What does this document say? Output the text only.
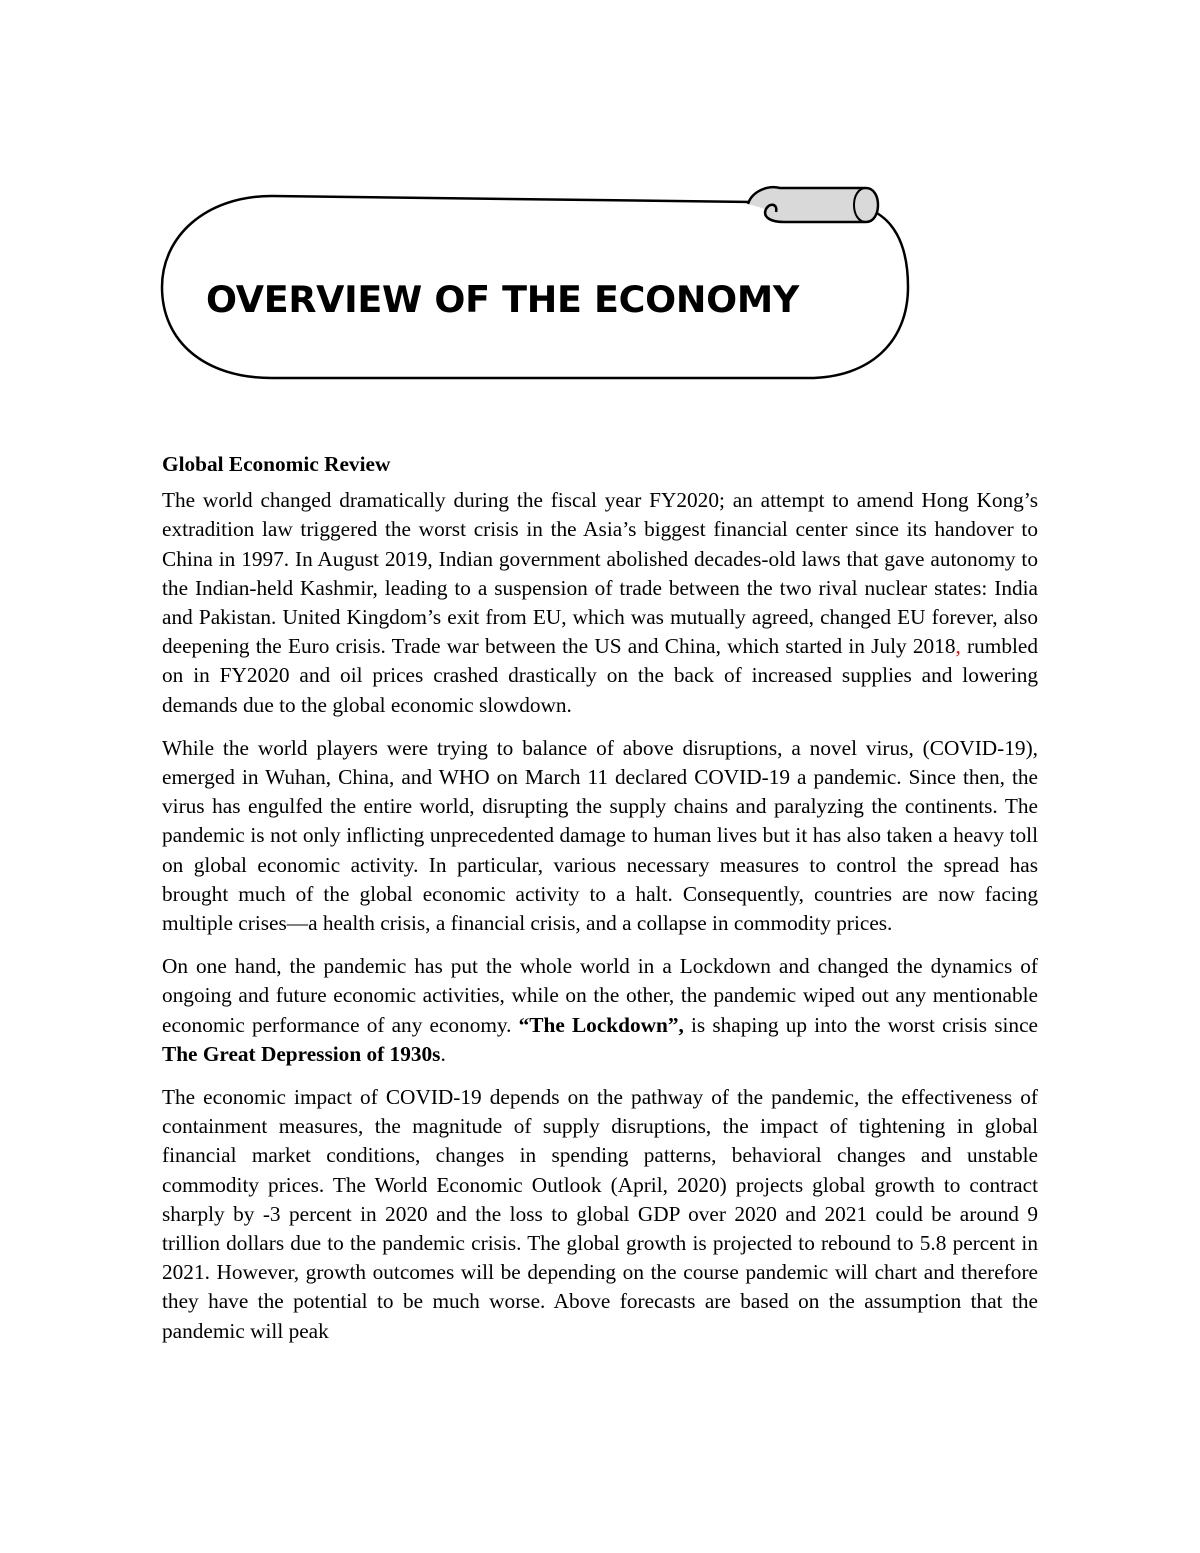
OVERVIEW OF THE ECONOMY
Global Economic Review

The world changed dramatically during the fiscal year FY2020; an attempt to amend Hong Kong’s extradition law triggered the worst crisis in the Asia’s biggest financial center since its handover to China in 1997. In August 2019, Indian government abolished decades-old laws that gave autonomy to the Indian-held Kashmir, leading to a suspension of trade between the two rival nuclear states: India and Pakistan. United Kingdom’s exit from EU, which was mutually agreed, changed EU forever, also deepening the Euro crisis. Trade war between the US and China, which started in July 2018, rumbled on in FY2020 and oil prices crashed drastically on the back of increased supplies and lowering demands due to the global economic slowdown.

While the world players were trying to balance of above disruptions, a novel virus, (COVID-19), emerged in Wuhan, China, and WHO on March 11 declared COVID-19 a pandemic. Since then, the virus has engulfed the entire world, disrupting the supply chains and paralyzing the continents. The pandemic is not only inflicting unprecedented damage to human lives but it has also taken a heavy toll on global economic activity. In particular, various necessary measures to control the spread has brought much of the global economic activity to a halt. Consequently, countries are now facing multiple crises—a health crisis, a financial crisis, and a collapse in commodity prices.

On one hand, the pandemic has put the whole world in a Lockdown and changed the dynamics of ongoing and future economic activities, while on the other, the pandemic wiped out any mentionable economic performance of any economy. “The Lockdown”, is shaping up into the worst crisis since The Great Depression of 1930s.

The economic impact of COVID-19 depends on the pathway of the pandemic, the effectiveness of containment measures, the magnitude of supply disruptions, the impact of tightening in global financial market conditions, changes in spending patterns, behavioral changes and unstable commodity prices. The World Economic Outlook (April, 2020) projects global growth to contract sharply by -3 percent in 2020 and the loss to global GDP over 2020 and 2021 could be around 9 trillion dollars due to the pandemic crisis. The global growth is projected to rebound to 5.8 percent in 2021. However, growth outcomes will be depending on the course pandemic will chart and therefore they have the potential to be much worse. Above forecasts are based on the assumption that the pandemic will peak
